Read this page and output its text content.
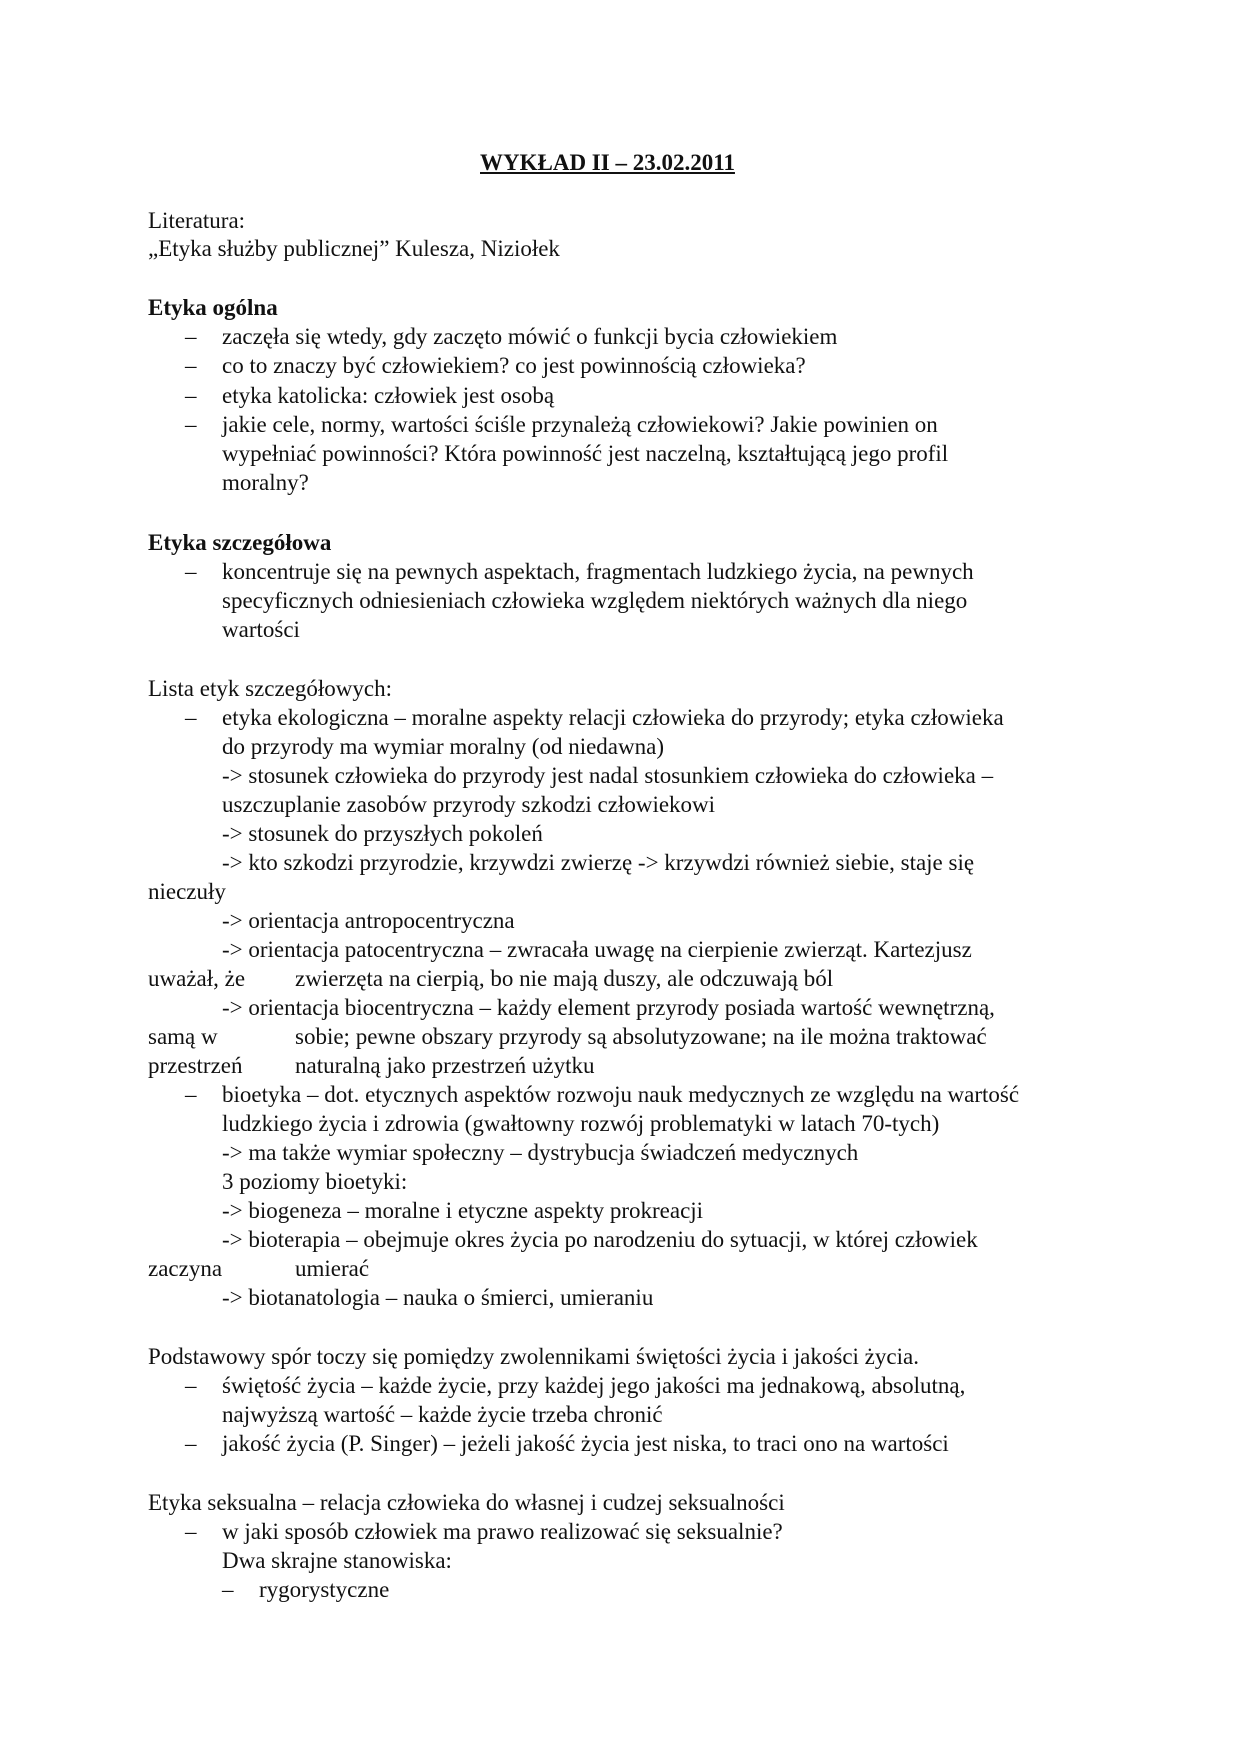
WYKŁAD II – 23.02.2011
Literatura:
„Etyka służby publicznej” Kulesza, Niziołek
Etyka ogólna
– zaczęła się wtedy, gdy zaczęto mówić o funkcji bycia człowiekiem
– co to znaczy być człowiekiem? co jest powinnością człowieka?
– etyka katolicka: człowiek jest osobą
– jakie cele, normy, wartości ściśle przynależą człowiekowi? Jakie powinien on
wypełniać powinności? Która powinność jest naczelną, kształtującą jego profil
moralny?
Etyka szczegółowa
– koncentruje się na pewnych aspektach, fragmentach ludzkiego życia, na pewnych
specyficznych odniesieniach człowieka względem niektórych ważnych dla niego
wartości
Lista etyk szczegółowych:
– etyka ekologiczna – moralne aspekty relacji człowieka do przyrody; etyka człowieka
do przyrody ma wymiar moralny (od niedawna)
-> stosunek człowieka do przyrody jest nadal stosunkiem człowieka do człowieka –
uszczuplanie zasobów przyrody szkodzi człowiekowi
-> stosunek do przyszłych pokoleń
-> kto szkodzi przyrodzie, krzywdzi zwierzę -> krzywdzi również siebie, staje się
nieczuły
-> orientacja antropocentryczna
-> orientacja patocentryczna – zwracała uwagę na cierpienie zwierząt. Kartezjusz
uważał, że zwierzęta na cierpią, bo nie mają duszy, ale odczuwają ból
-> orientacja biocentryczna – każdy element przyrody posiada wartość wewnętrzną,
samą w	sobie; pewne obszary przyrody są absolutyzowane; na ile można traktować
przestrzeń naturalną jako przestrzeń użytku
– bioetyka – dot. etycznych aspektów rozwoju nauk medycznych ze względu na wartość
ludzkiego życia i zdrowia (gwałtowny rozwój problematyki w latach 70-tych)
-> ma także wymiar społeczny – dystrybucja świadczeń medycznych
3 poziomy bioetyki:
-> biogeneza – moralne i etyczne aspekty prokreacji
-> bioterapia – obejmuje okres życia po narodzeniu do sytuacji, w której człowiek
zaczyna	umierać
-> biotanatologia – nauka o śmierci, umieraniu
Podstawowy spór toczy się pomiędzy zwolennikami świętości życia i jakości życia.
– świętość życia – każde życie, przy każdej jego jakości ma jednakową, absolutną,
najwyższą wartość – każde życie trzeba chronić
– jakość życia (P. Singer) – jeżeli jakość życia jest niska, to traci ono na wartości
Etyka seksualna – relacja człowieka do własnej i cudzej seksualności
– w jaki sposób człowiek ma prawo realizować się seksualnie?
Dwa skrajne stanowiska:
– rygorystyczne
